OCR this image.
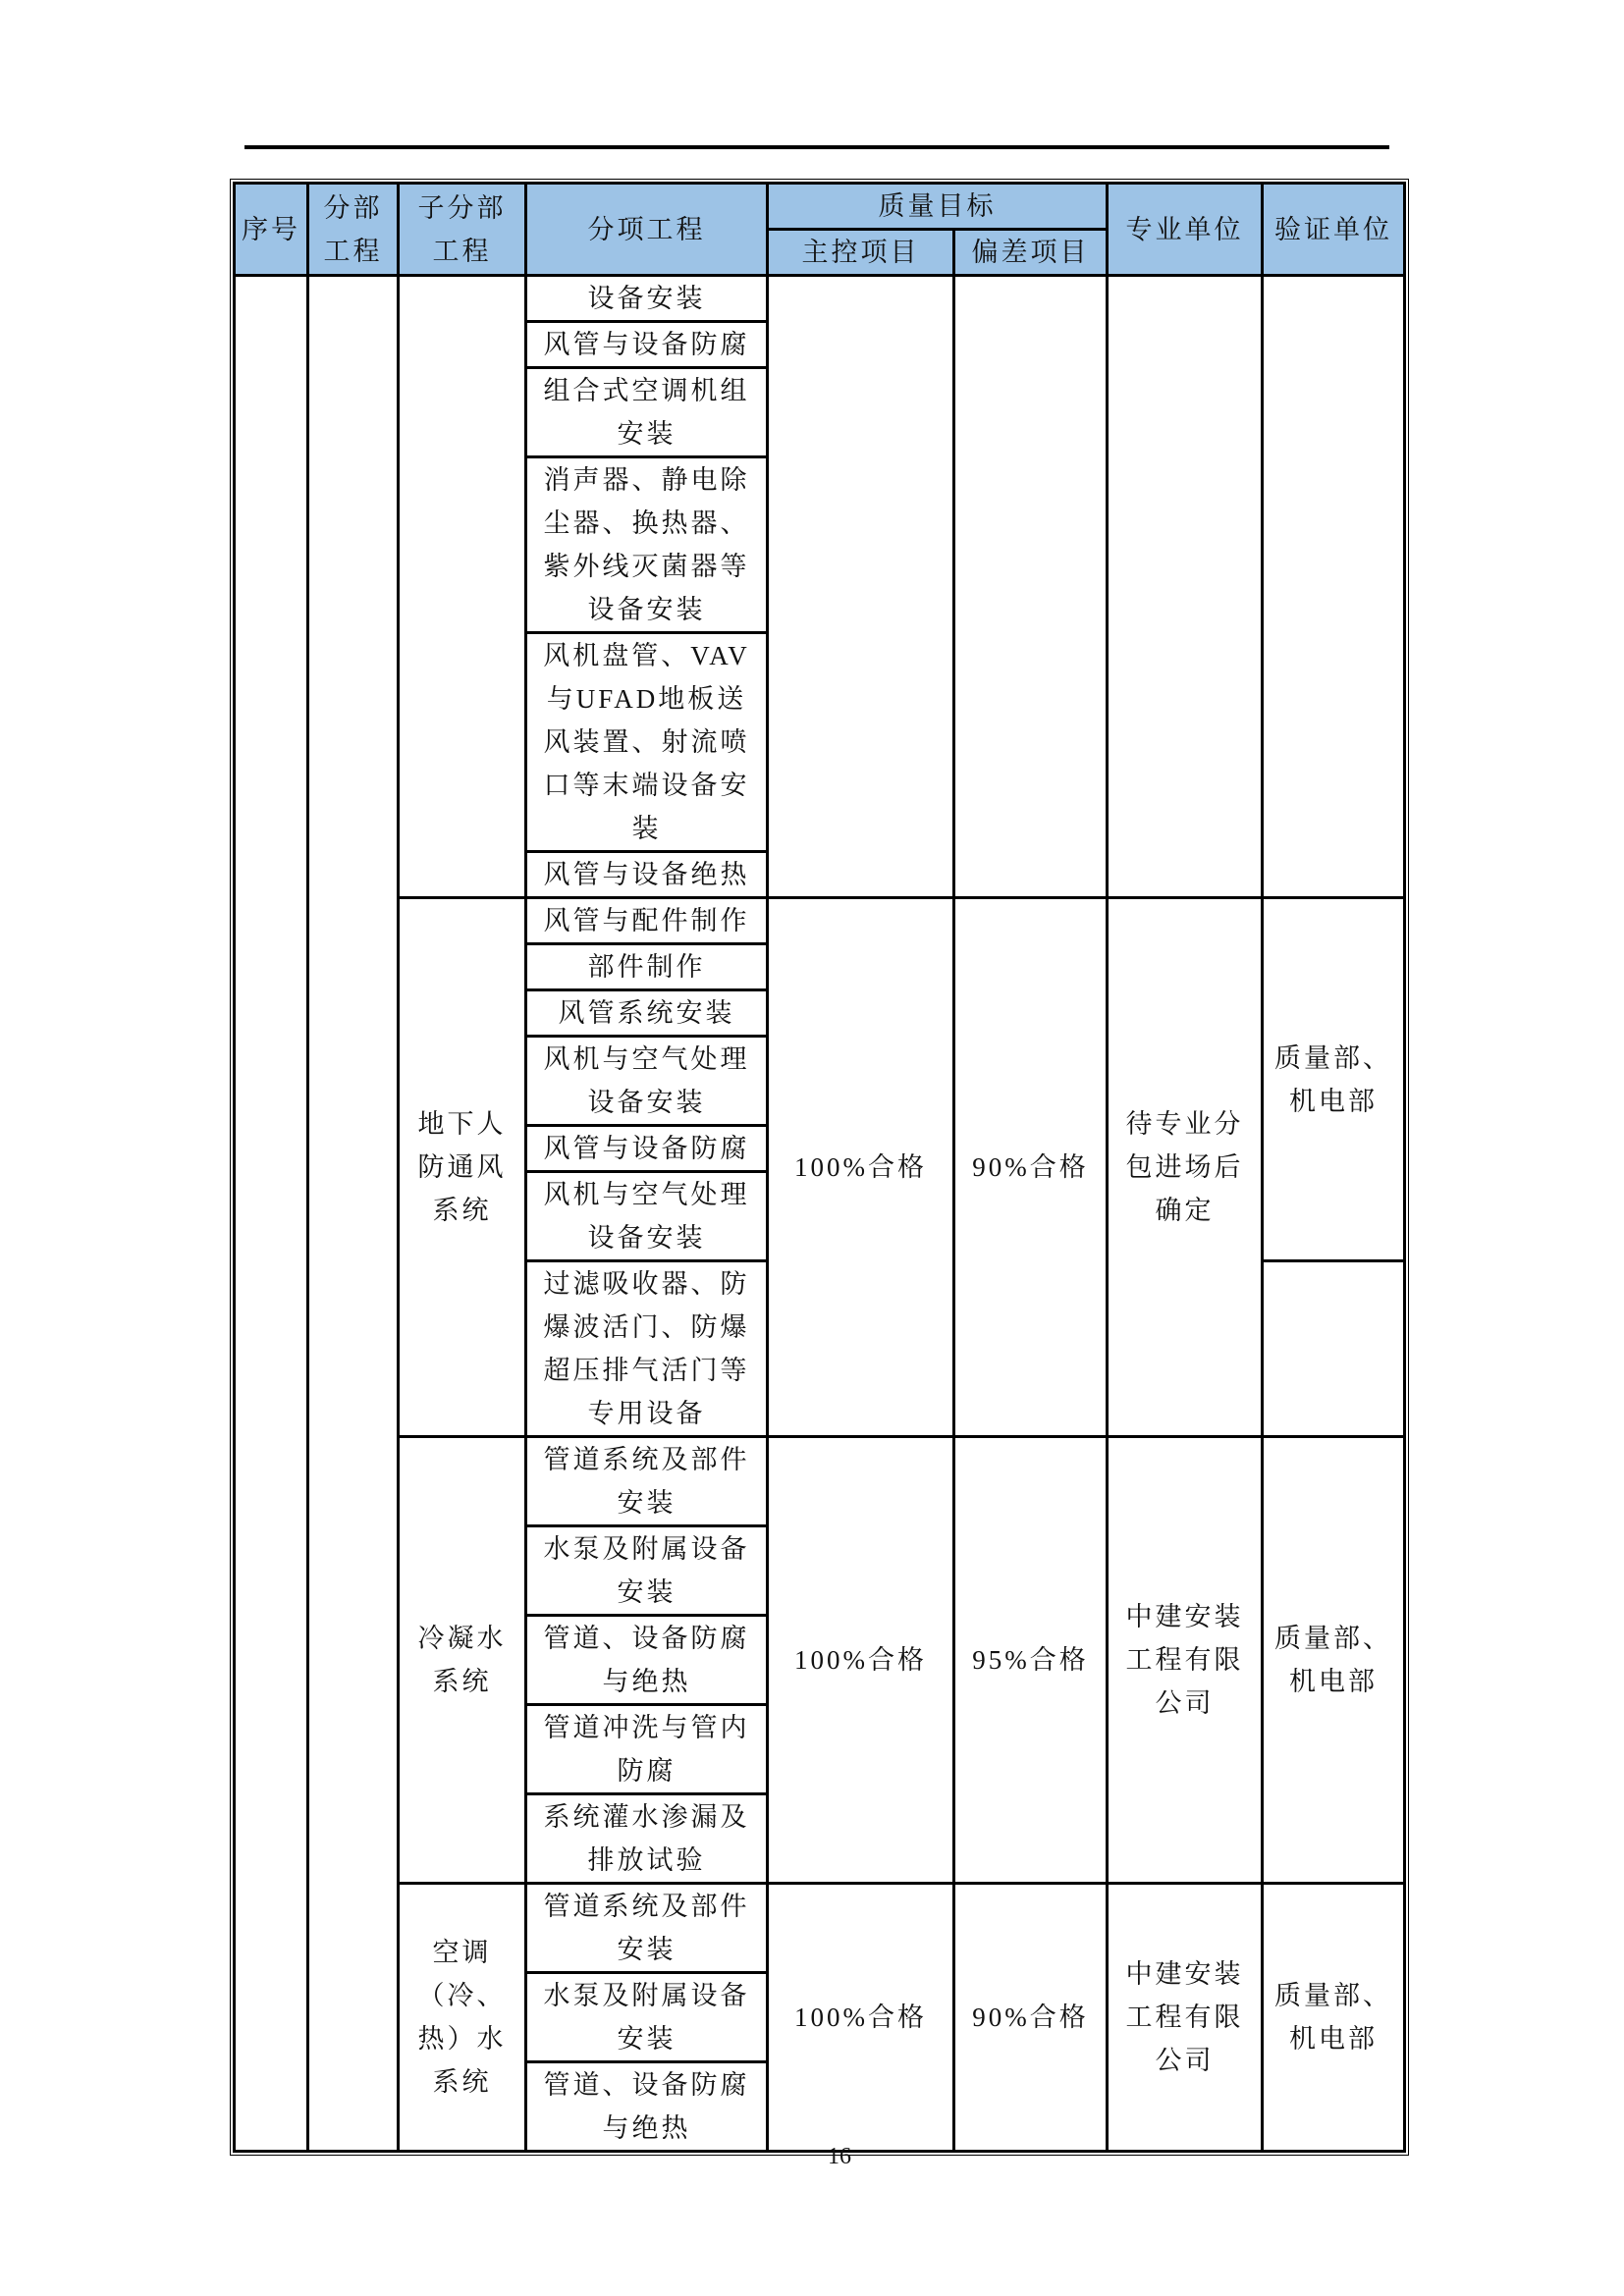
序号	分部工程	子分部工程	分项工程	质量目标		专业单位	验证单位
				主控项目	偏差项目		
			设备安装				
			风管与设备防腐				
			组合式空调机组安装				
			消声器、静电除尘器、换热器、紫外线灭菌器等设备安装				
			风机盘管、VAV与UFAD地板送风装置、射流喷口等末端设备安装				
			风管与设备绝热				
		地下人防通风系统	风管与配件制作	100%合格	90%合格	待专业分包进场后确定	质量部、机电部
			部件制作				
			风管系统安装				
			风机与空气处理设备安装				
			风管与设备防腐				
			风机与空气处理设备安装				
			过滤吸收器、防爆波活门、防爆超压排气活门等专用设备				
		冷凝水系统	管道系统及部件安装	100%合格	95%合格	中建安装工程有限公司	质量部、机电部
			水泵及附属设备安装				
			管道、设备防腐与绝热				
			管道冲洗与管内防腐				
			系统灌水渗漏及排放试验				
		空调（冷、热）水系统	管道系统及部件安装	100%合格	90%合格	中建安装工程有限公司	质量部、机电部
			水泵及附属设备安装				
			管道、设备防腐与绝热				
16
